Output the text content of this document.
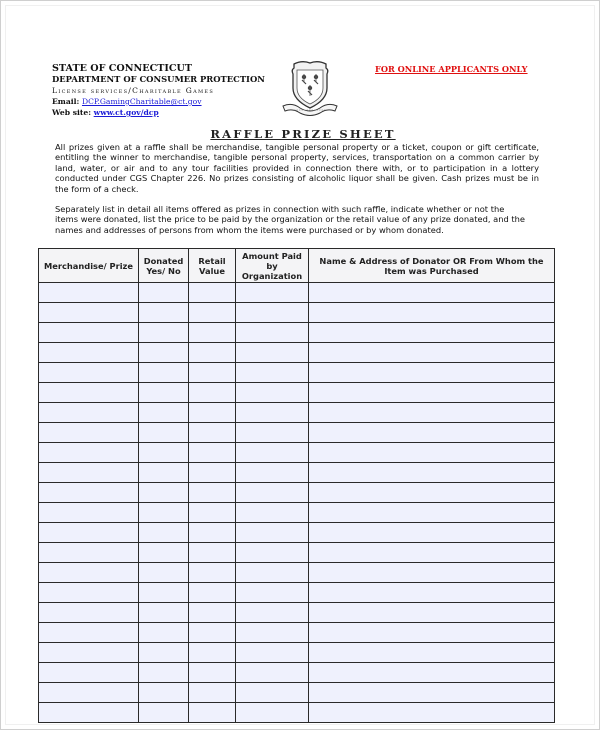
STATE OF CONNECTICUT
DEPARTMENT OF CONSUMER PROTECTION
License services/Charitable Games
Email: DCP.GamingCharitable@ct.gov
Web site: www.ct.gov/dcp
FOR ONLINE APPLICANTS ONLY
RAFFLE PRIZE SHEET
All prizes given at a raffle shall be merchandise, tangible personal property or a ticket, coupon or gift certificate, entitling the winner to merchandise, tangible personal property, services, transportation on a common carrier by land, water, or air and to any tour facilities provided in connection there with, or to participation in a lottery conducted under CGS Chapter 226. No prizes consisting of alcoholic liquor shall be given. Cash prizes must be in the form of a check.
Separately list in detail all items offered as prizes in connection with such raffle, indicate whether or not the items were donated, list the price to be paid by the organization or the retail value of any prize donated, and the names and addresses of persons from whom the items were purchased or by whom donated.
Merchandise/ Prize	Donated Yes/ No	Retail Value	Amount Paid by Organization	Name & Address of Donator OR From Whom the Item was Purchased
